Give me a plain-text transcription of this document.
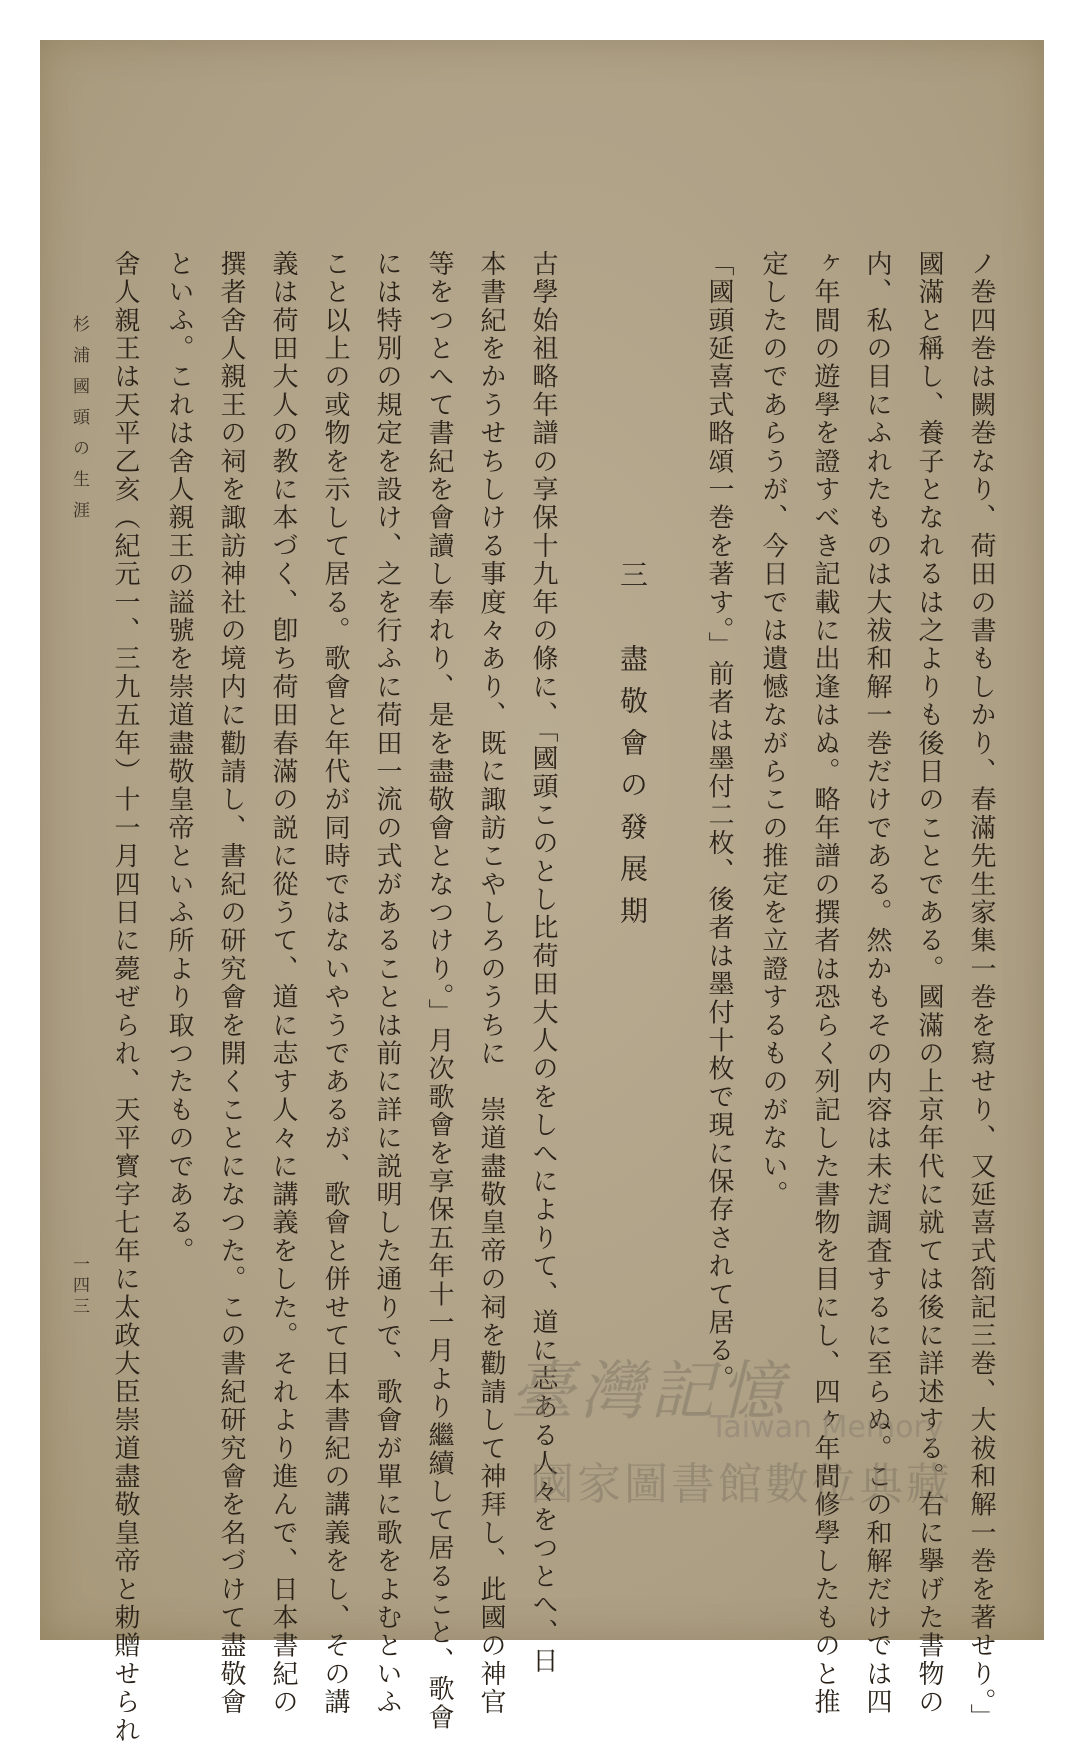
ノ巻四巻は闕巻なり、荷田の書もしかり、春滿先生家集一巻を寫せり、又延喜式箚記三巻、大祓和解一巻を著せり。」
國滿と稱し、養子となれるは之よりも後日のことである。國滿の上京年代に就ては後に詳述する。右に擧げた書物の
内、私の目にふれたものは大祓和解一巻だけである。然かもその内容は未だ調査するに至らぬ。この和解だけでは四
ヶ年間の遊學を證すべき記載に出逢はぬ。略年譜の撰者は恐らく列記した書物を目にし、四ヶ年間修學したものと推
定したのであらうが、今日では遺憾ながらこの推定を立證するものがない。
「國頭延喜式略頌一巻を著す。」前者は墨付二枚、後者は墨付十枚で現に保存されて居る。
三　盡敬會の發展期
古學始祖略年譜の享保十九年の條に、「國頭このとし比荷田大人のをしへによりて、道に志ある人々をつとへ、日
本書紀をかうせちしける事度々あり、既に諏訪こやしろのうちに　崇道盡敬皇帝の祠を勸請して神拜し、此國の神官
等をつとへて書紀を會讀し奉れり、是を盡敬會となつけり。」月次歌會を享保五年十一月より繼續して居ること、歌會
には特別の規定を設け、之を行ふに荷田一流の式があることは前に詳に説明した通りで、歌會が單に歌をよむといふ
こと以上の或物を示して居る。歌會と年代が同時ではないやうであるが、歌會と併せて日本書紀の講義をし、その講
義は荷田大人の教に本づく、卽ち荷田春滿の説に從うて、道に志す人々に講義をした。それより進んで、日本書紀の
撰者舍人親王の祠を諏訪神社の境内に勸請し、書紀の研究會を開くことになつた。この書紀研究會を名づけて盡敬會
といふ。これは舍人親王の謚號を崇道盡敬皇帝といふ所より取つたものである。
舍人親王は天平乙亥（紀元一、三九五年）十一月四日に薨ぜられ、天平寳字七年に太政大臣崇道盡敬皇帝と勅贈せられ
杉浦國頭の生涯
一四三
臺灣記憶
Taiwan Memory
國家圖書館數位典藏
